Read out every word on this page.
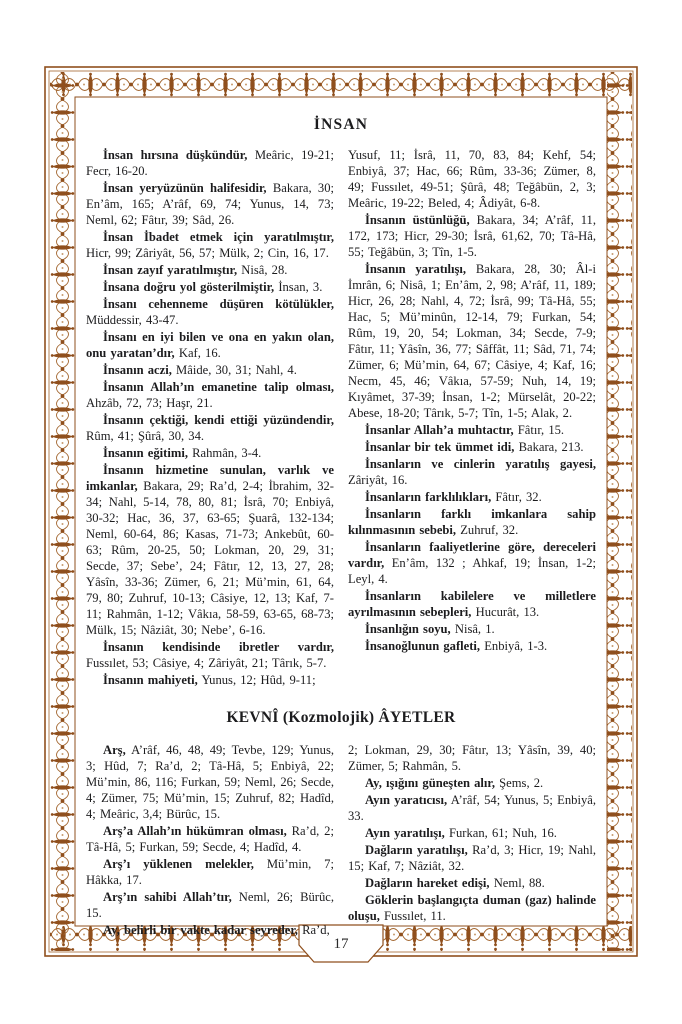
İNSAN

İnsan hırsına düşkündür, Meâric, 19-21; Fecr, 16-20.

İnsan yeryüzünün halifesidir, Bakara, 30; En’âm, 165; A’râf, 69, 74; Yunus, 14, 73; Neml, 62; Fâtır, 39; Sâd, 26.

İnsan İbadet etmek için yaratılmıştır, Hicr, 99; Zâriyât, 56, 57; Mülk, 2; Cin, 16, 17.

İnsan zayıf yaratılmıştır, Nisâ, 28.

İnsana doğru yol gösterilmiştir, İnsan, 3.

İnsanı cehenneme düşüren kötülükler, Müddessir, 43-47.

İnsanı en iyi bilen ve ona en yakın olan, onu yaratan’dır, Kaf, 16.

İnsanın aczi, Mâide, 30, 31; Nahl, 4.

İnsanın Allah’ın emanetine talip olması, Ahzâb, 72, 73; Haşr, 21.

İnsanın çektiği, kendi ettiği yüzündendir, Rûm, 41; Şûrâ, 30, 34.

İnsanın eğitimi, Rahmân, 3-4.

İnsanın hizmetine sunulan, varlık ve imkanlar, Bakara, 29; Ra’d, 2-4; İbrahim, 32-34; Nahl, 5-14, 78, 80, 81; İsrâ, 70; Enbiyâ, 30-32; Hac, 36, 37, 63-65; Şuarâ, 132-134; Neml, 60-64, 86; Kasas, 71-73; Ankebût, 60-63; Rûm, 20-25, 50; Lokman, 20, 29, 31; Secde, 37; Sebe’, 24; Fâtır, 12, 13, 27, 28; Yâsîn, 33-36; Zümer, 6, 21; Mü’min, 61, 64, 79, 80; Zuhruf, 10-13; Câsiye, 12, 13; Kaf, 7-11; Rahmân, 1-12; Vâkıa, 58-59, 63-65, 68-73; Mülk, 15; Nâziât, 30; Nebe’, 6-16.

İnsanın kendisinde ibretler vardır, Fussılet, 53; Câsiye, 4; Zâriyât, 21; Târık, 5-7.

İnsanın mahiyeti, Yunus, 12; Hûd, 9-11;

Yusuf, 11; İsrâ, 11, 70, 83, 84; Kehf, 54; Enbiyâ, 37; Hac, 66; Rûm, 33-36; Zümer, 8, 49; Fussılet, 49-51; Şûrâ, 48; Teğâbün, 2, 3; Meâric, 19-22; Beled, 4; Âdiyât, 6-8.

İnsanın üstünlüğü, Bakara, 34; A’râf, 11, 172, 173; Hicr, 29-30; İsrâ, 61,62, 70; Tâ-Hâ, 55; Teğâbün, 3; Tîn, 1-5.

İnsanın yaratılışı, Bakara, 28, 30; Âl-i İmrân, 6; Nisâ, 1; En’âm, 2, 98; A’râf, 11, 189; Hicr, 26, 28; Nahl, 4, 72; İsrâ, 99; Tâ-Hâ, 55; Hac, 5; Mü’minûn, 12-14, 79; Furkan, 54; Rûm, 19, 20, 54; Lokman, 34; Secde, 7-9; Fâtır, 11; Yâsîn, 36, 77; Sâffât, 11; Sâd, 71, 74; Zümer, 6; Mü’min, 64, 67; Câsiye, 4; Kaf, 16; Necm, 45, 46; Vâkıa, 57-59; Nuh, 14, 19; Kıyâmet, 37-39; İnsan, 1-2; Mürselât, 20-22; Abese, 18-20; Târık, 5-7; Tîn, 1-5; Alak, 2.

İnsanlar Allah’a muhtactır, Fâtır, 15.

İnsanlar bir tek ümmet idi, Bakara, 213.

İnsanların ve cinlerin yaratılış gayesi, Zâriyât, 16.

İnsanların farklılıkları, Fâtır, 32.

İnsanların farklı imkanlara sahip kılınmasının sebebi, Zuhruf, 32.

İnsanların faaliyetlerine göre, dereceleri vardır, En’âm, 132 ; Ahkaf, 19; İnsan, 1-2; Leyl, 4.

İnsanların kabilelere ve milletlere ayrılmasının sebepleri, Hucurât, 13.

İnsanlığın soyu, Nisâ, 1.

İnsanoğlunun gafleti, Enbiyâ, 1-3.

KEVNÎ (Kozmolojik) ÂYETLER

Arş, A’râf, 46, 48, 49; Tevbe, 129; Yunus, 3; Hûd, 7; Ra’d, 2; Tâ-Hâ, 5; Enbiyâ, 22; Mü’min, 86, 116; Furkan, 59; Neml, 26; Secde, 4; Zümer, 75; Mü’min, 15; Zuhruf, 82; Hadîd, 4; Meâric, 3,4; Bürûc, 15.

Arş’a Allah’ın hükümran olması, Ra’d, 2; Tâ-Hâ, 5; Furkan, 59; Secde, 4; Hadîd, 4.

Arş’ı yüklenen melekler, Mü’min, 7; Hâkka, 17.

Arş’ın sahibi Allah’tır, Neml, 26; Bürûc, 15.

Ay, belirli bir vakte kadar seyreder, Ra’d,

2; Lokman, 29, 30; Fâtır, 13; Yâsîn, 39, 40; Zümer, 5; Rahmân, 5.

Ay, ışığını güneşten alır, Şems, 2.

Ayın yaratıcısı, A’râf, 54; Yunus, 5; Enbiyâ, 33.

Ayın yaratılışı, Furkan, 61; Nuh, 16.

Dağların yaratılışı, Ra’d, 3; Hicr, 19; Nahl, 15; Kaf, 7; Nâziât, 32.

Dağların hareket edişi, Neml, 88.

Göklerin başlangıçta duman (gaz) halinde oluşu, Fussılet, 11.

17
